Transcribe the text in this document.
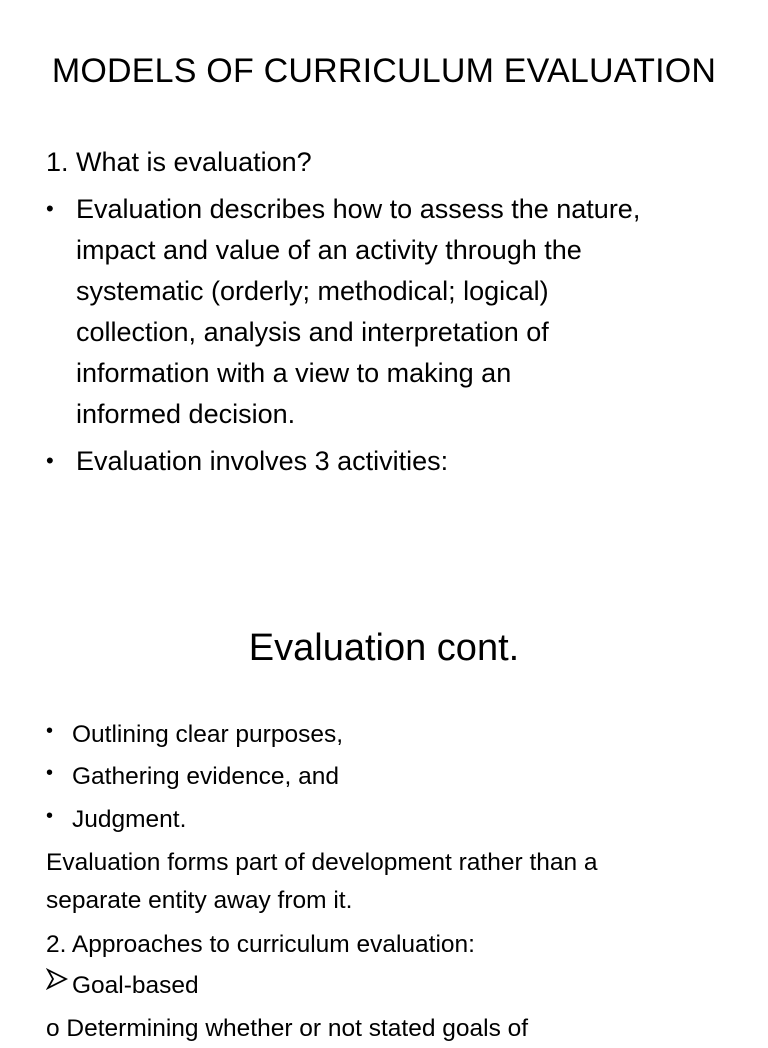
MODELS OF CURRICULUM EVALUATION
1. What is evaluation?
• Evaluation describes how to assess the nature,
impact and value of an activity through the
systematic (orderly; methodical; logical)
collection, analysis and interpretation of
information with a view to making an
informed decision.
• Evaluation involves 3 activities:
Evaluation cont.
• Outlining clear purposes,
• Gathering evidence, and
• Judgment.
Evaluation forms part of development rather than a
separate entity away from it.
2. Approaches to curriculum evaluation:
Goal-based
o Determining whether or not stated goals of
